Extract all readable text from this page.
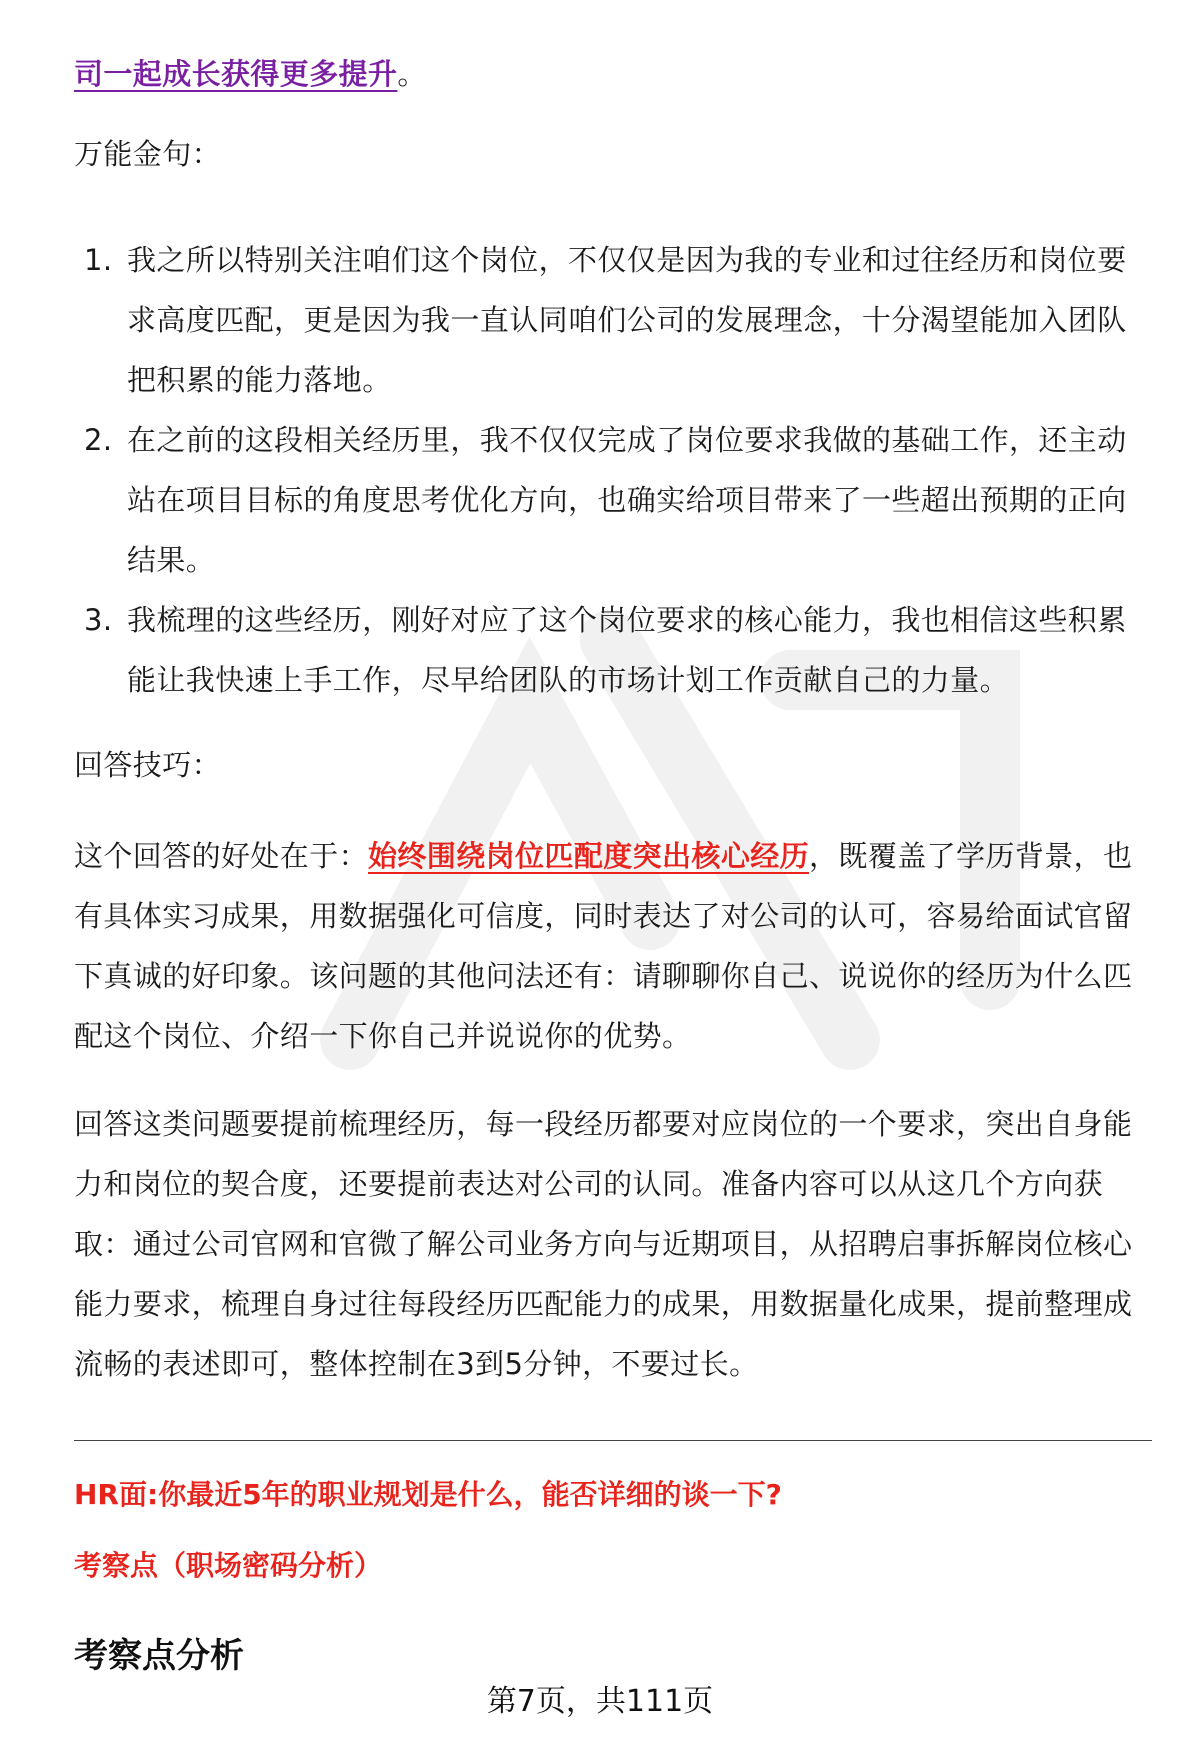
司一起成长获得更多提升。

万能金句：

1. 我之所以特别关注咱们这个岗位，不仅仅是因为我的专业和过往经历和岗位要求高度匹配，更是因为我一直认同咱们公司的发展理念，十分渴望能加入团队把积累的能力落地。
2. 在之前的这段相关经历里，我不仅仅完成了岗位要求我做的基础工作，还主动站在项目目标的角度思考优化方向，也确实给项目带来了一些超出预期的正向结果。
3. 我梳理的这些经历，刚好对应了这个岗位要求的核心能力，我也相信这些积累能让我快速上手工作，尽早给团队的市场计划工作贡献自己的力量。

回答技巧：

这个回答的好处在于：始终围绕岗位匹配度突出核心经历，既覆盖了学历背景，也有具体实习成果，用数据强化可信度，同时表达了对公司的认可，容易给面试官留下真诚的好印象。该问题的其他问法还有：请聊聊你自己、说说你的经历为什么匹配这个岗位、介绍一下你自己并说说你的优势。

回答这类问题要提前梳理经历，每一段经历都要对应岗位的一个要求，突出自身能力和岗位的契合度，还要提前表达对公司的认同。准备内容可以从这几个方向获取：通过公司官网和官微了解公司业务方向与近期项目，从招聘启事拆解岗位核心能力要求，梳理自身过往每段经历匹配能力的成果，用数据量化成果，提前整理成流畅的表述即可，整体控制在3到5分钟，不要过长。

HR面:你最近5年的职业规划是什么，能否详细的谈一下?
考察点（职场密码分析）
考察点分析
第7页，共111页
